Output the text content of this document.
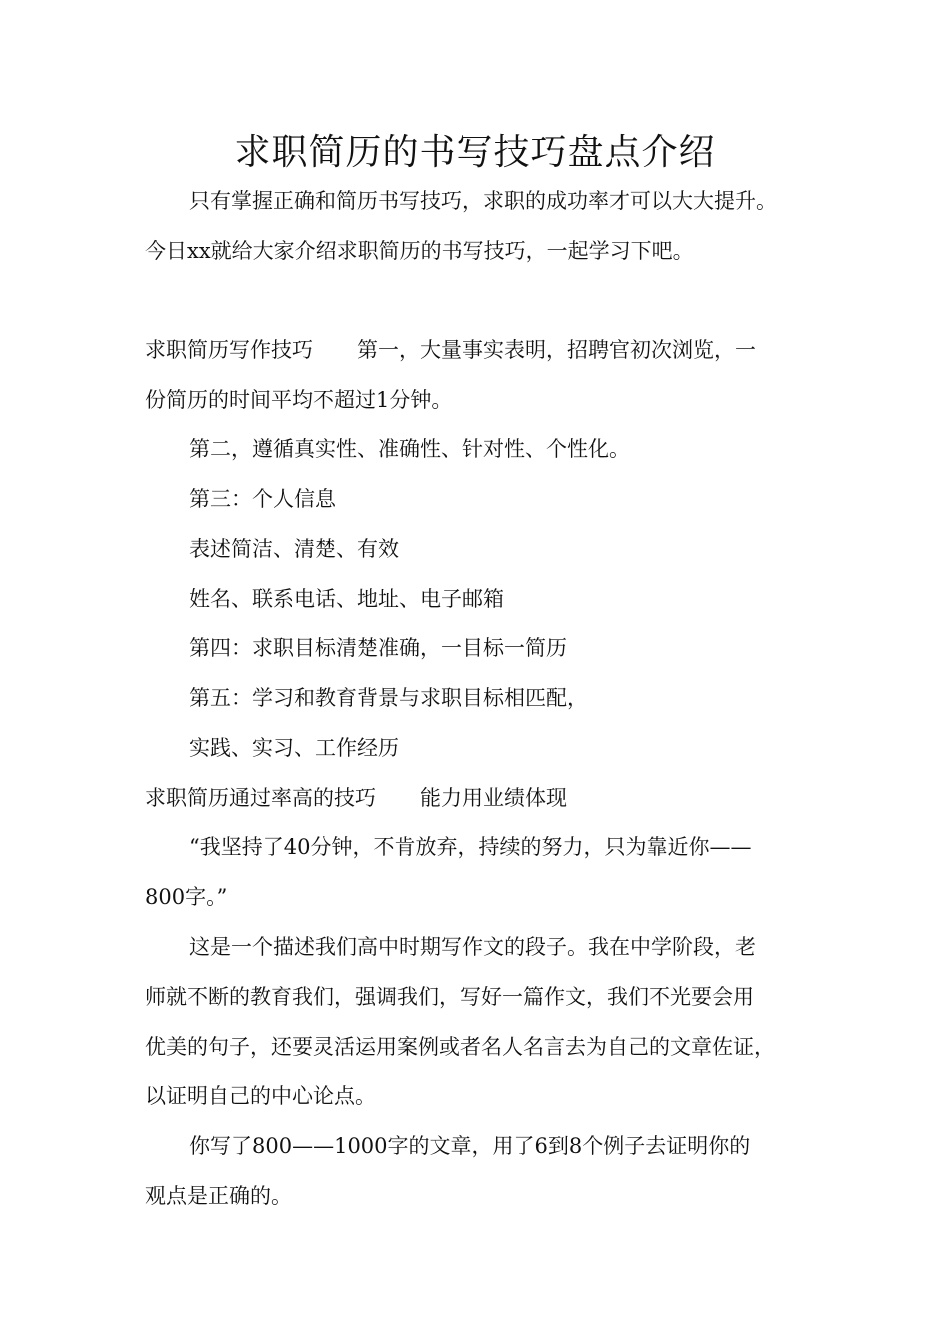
求职简历的书写技巧盘点介绍
只有掌握正确和简历书写技巧，求职的成功率才可以大大提升。
今日xx就给大家介绍求职简历的书写技巧，一起学习下吧。
求职简历写作技巧 第一，大量事实表明，招聘官初次浏览，一
份简历的时间平均不超过1分钟。
第二，遵循真实性、准确性、针对性、个性化。
第三：个人信息
表述简洁、清楚、有效
姓名、联系电话、地址、电子邮箱
第四：求职目标清楚准确，一目标一简历
第五：学习和教育背景与求职目标相匹配，
实践、实习、工作经历
求职简历通过率高的技巧 能力用业绩体现
“我坚持了40分钟，不肯放弃，持续的努力，只为靠近你——
800字。”
这是一个描述我们高中时期写作文的段子。我在中学阶段，老
师就不断的教育我们，强调我们，写好一篇作文，我们不光要会用
优美的句子，还要灵活运用案例或者名人名言去为自己的文章佐证，
以证明自己的中心论点。
你写了800——1000字的文章，用了6到8个例子去证明你的
观点是正确的。
